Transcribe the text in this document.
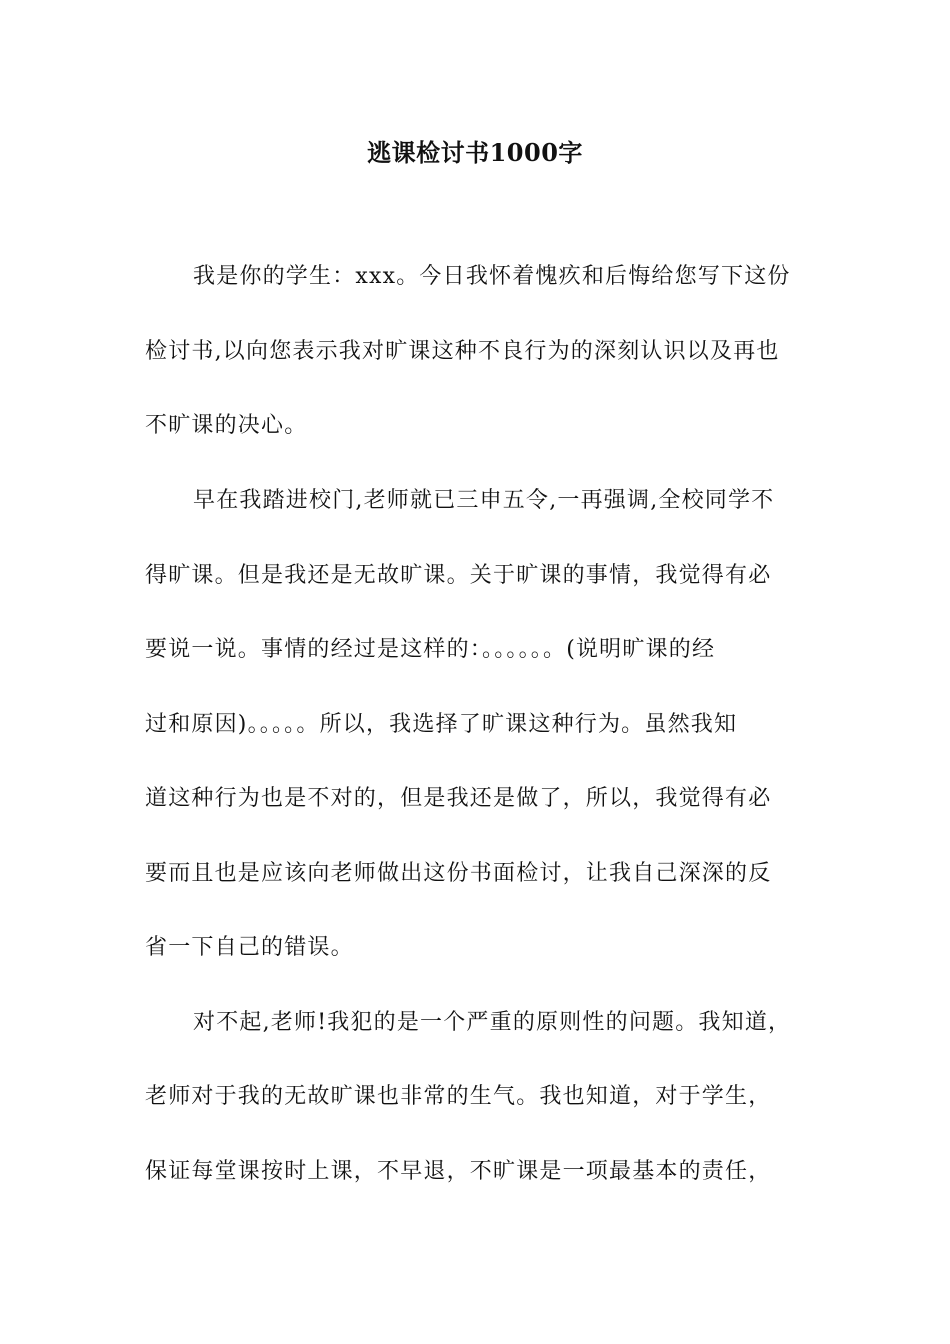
逃课检讨书1000字
我是你的学生：xxx。今日我怀着愧疚和后悔给您写下这份
检讨书,以向您表示我对旷课这种不良行为的深刻认识以及再也
不旷课的决心。
早在我踏进校门,老师就已三申五令,一再强调,全校同学不
得旷课。但是我还是无故旷课。关于旷课的事情，我觉得有必
要说一说。事情的经过是这样的：。。。。。。(说明旷课的经
过和原因)。。。。。所以，我选择了旷课这种行为。虽然我知
道这种行为也是不对的，但是我还是做了，所以，我觉得有必
要而且也是应该向老师做出这份书面检讨，让我自己深深的反
省一下自己的错误。
对不起,老师!我犯的是一个严重的原则性的问题。我知道，
老师对于我的无故旷课也非常的生气。我也知道，对于学生，
保证每堂课按时上课，不早退，不旷课是一项最基本的责任，
